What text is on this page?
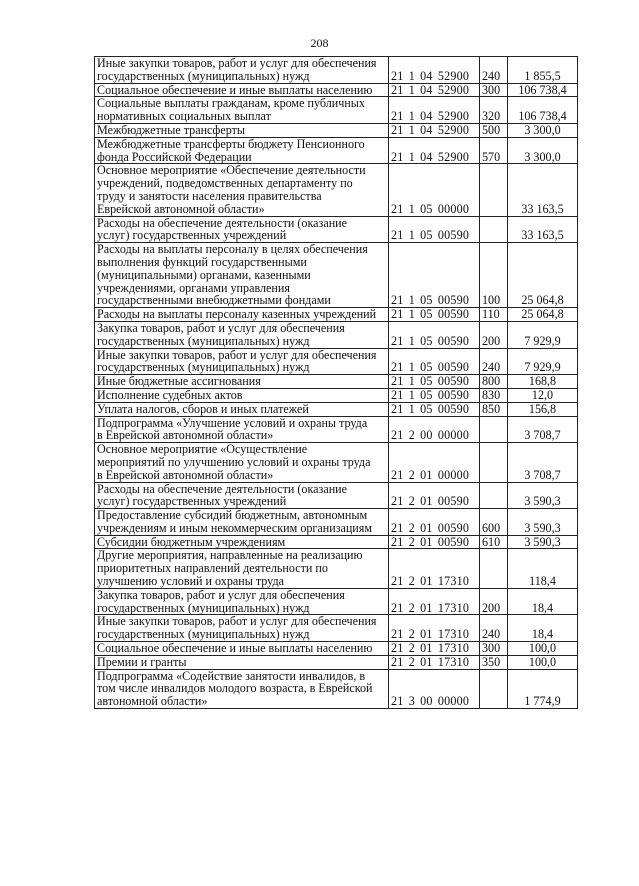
208
Иные закупки товаров, работ и услуг для обеспечения
государственных (муниципальных) нужд	21 1 04 52900	240	1 855,5

Социальное обеспечение и иные выплаты населению	21 1 04 52900	300	106 738,4

Социальные выплаты гражданам, кроме публичных
нормативных социальных выплат	21 1 04 52900	320	106 738,4

Межбюджетные трансферты	21 1 04 52900	500	3 300,0

Межбюджетные трансферты бюджету Пенсионного
фонда Российской Федерации	21 1 04 52900	570	3 300,0

Основное мероприятие «Обеспечение деятельности
учреждений, подведомственных департаменту по
труду и занятости населения правительства
Еврейской автономной области»	21 1 05 00000		33 163,5

Расходы на обеспечение деятельности (оказание
услуг) государственных учреждений	21 1 05 00590		33 163,5

Расходы на выплаты персоналу в целях обеспечения
выполнения функций государственными
(муниципальными) органами, казенными
учреждениями, органами управления
государственными внебюджетными фондами	21 1 05 00590	100	25 064,8

Расходы на выплаты персоналу казенных учреждений	21 1 05 00590	110	25 064,8

Закупка товаров, работ и услуг для обеспечения
государственных (муниципальных) нужд	21 1 05 00590	200	7 929,9

Иные закупки товаров, работ и услуг для обеспечения
государственных (муниципальных) нужд	21 1 05 00590	240	7 929,9

Иные бюджетные ассигнования	21 1 05 00590	800	168,8

Исполнение судебных актов	21 1 05 00590	830	12,0

Уплата налогов, сборов и иных платежей	21 1 05 00590	850	156,8

Подпрограмма «Улучшение условий и охраны труда
в Еврейской автономной области»	21 2 00 00000		3 708,7

Основное мероприятие «Осуществление
мероприятий по улучшению условий и охраны труда
в Еврейской автономной области»	21 2 01 00000		3 708,7

Расходы на обеспечение деятельности (оказание
услуг) государственных учреждений	21 2 01 00590		3 590,3

Предоставление субсидий бюджетным, автономным
учреждениям и иным некоммерческим организациям	21 2 01 00590	600	3 590,3

Субсидии бюджетным учреждениям	21 2 01 00590	610	3 590,3

Другие мероприятия, направленные на реализацию
приоритетных направлений деятельности по
улучшению условий и охраны труда	21 2 01 17310		118,4

Закупка товаров, работ и услуг для обеспечения
государственных (муниципальных) нужд	21 2 01 17310	200	18,4

Иные закупки товаров, работ и услуг для обеспечения
государственных (муниципальных) нужд	21 2 01 17310	240	18,4

Социальное обеспечение и иные выплаты населению	21 2 01 17310	300	100,0

Премии и гранты	21 2 01 17310	350	100,0

Подпрограмма «Содействие занятости инвалидов, в
том числе инвалидов молодого возраста, в Еврейской
автономной области»	21 3 00 00000		1 774,9
